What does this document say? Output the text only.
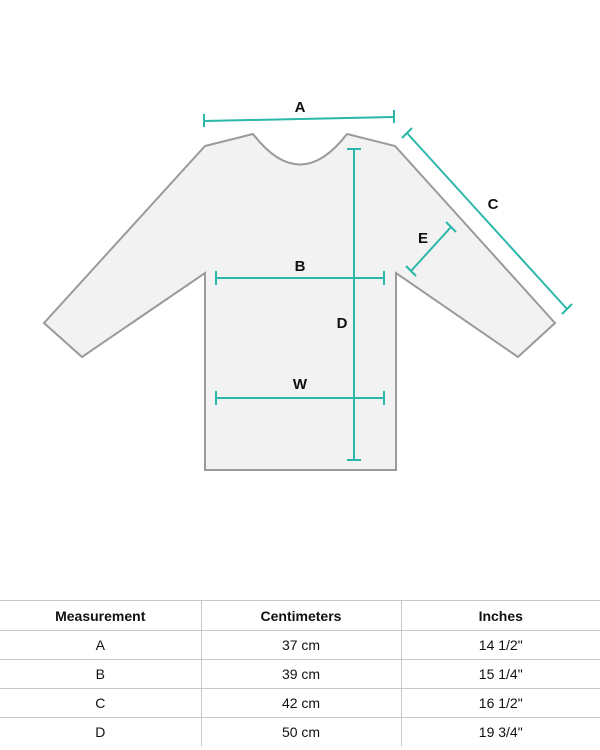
A
B
C
D
E
W
Measurement	Centimeters	Inches
A	37 cm	14 1/2"
B	39 cm	15 1/4"
C	42 cm	16 1/2"
D	50 cm	19 3/4"
